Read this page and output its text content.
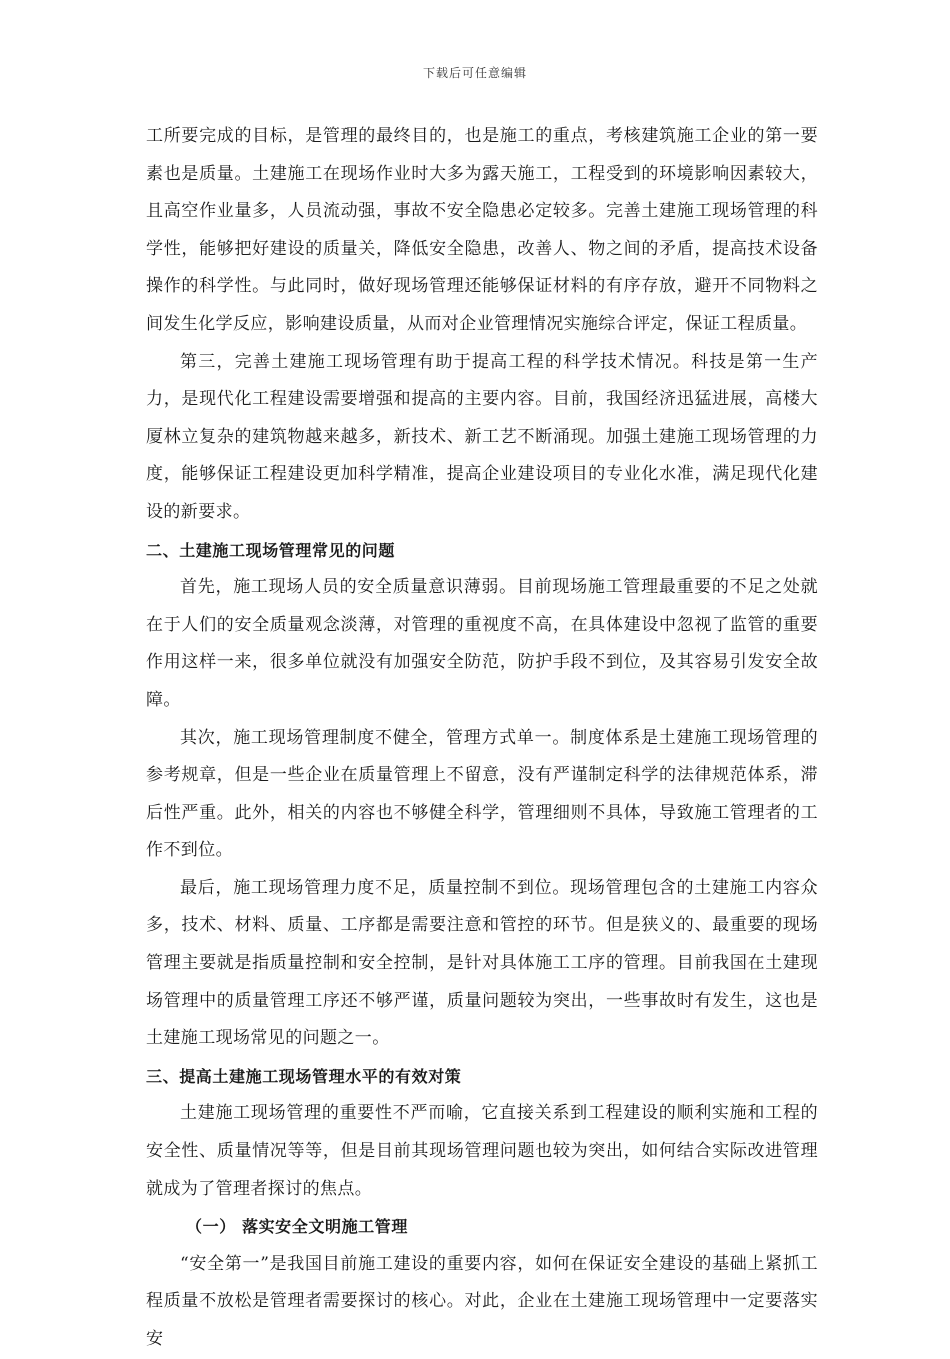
下载后可任意编辑

工所要完成的目标，是管理的最终目的，也是施工的重点，考核建筑施工企业的第一要素也是质量。土建施工在现场作业时大多为露天施工，工程受到的环境影响因素较大，且高空作业量多，人员流动强，事故不安全隐患必定较多。完善土建施工现场管理的科学性，能够把好建设的质量关，降低安全隐患，改善人、物之间的矛盾，提高技术设备操作的科学性。与此同时，做好现场管理还能够保证材料的有序存放，避开不同物料之间发生化学反应，影响建设质量，从而对企业管理情况实施综合评定，保证工程质量。

第三，完善土建施工现场管理有助于提高工程的科学技术情况。科技是第一生产力，是现代化工程建设需要增强和提高的主要内容。目前，我国经济迅猛进展，高楼大厦林立复杂的建筑物越来越多，新技术、新工艺不断涌现。加强土建施工现场管理的力度，能够保证工程建设更加科学精准，提高企业建设项目的专业化水准，满足现代化建设的新要求。

二、土建施工现场管理常见的问题

首先，施工现场人员的安全质量意识薄弱。目前现场施工管理最重要的不足之处就在于人们的安全质量观念淡薄，对管理的重视度不高，在具体建设中忽视了监管的重要作用这样一来，很多单位就没有加强安全防范，防护手段不到位，及其容易引发安全故障。

其次，施工现场管理制度不健全，管理方式单一。制度体系是土建施工现场管理的参考规章，但是一些企业在质量管理上不留意，没有严谨制定科学的法律规范体系，滞后性严重。此外，相关的内容也不够健全科学，管理细则不具体，导致施工管理者的工作不到位。

最后，施工现场管理力度不足，质量控制不到位。现场管理包含的土建施工内容众多，技术、材料、质量、工序都是需要注意和管控的环节。但是狭义的、最重要的现场管理主要就是指质量控制和安全控制，是针对具体施工工序的管理。目前我国在土建现场管理中的质量管理工序还不够严谨，质量问题较为突出，一些事故时有发生，这也是土建施工现场常见的问题之一。

三、提高土建施工现场管理水平的有效对策

土建施工现场管理的重要性不严而喻，它直接关系到工程建设的顺利实施和工程的安全性、质量情况等等，但是目前其现场管理问题也较为突出，如何结合实际改进管理就成为了管理者探讨的焦点。

（一） 落实安全文明施工管理

“安全第一”是我国目前施工建设的重要内容，如何在保证安全建设的基础上紧抓工程质量不放松是管理者需要探讨的核心。对此，企业在土建施工现场管理中一定要落实安
